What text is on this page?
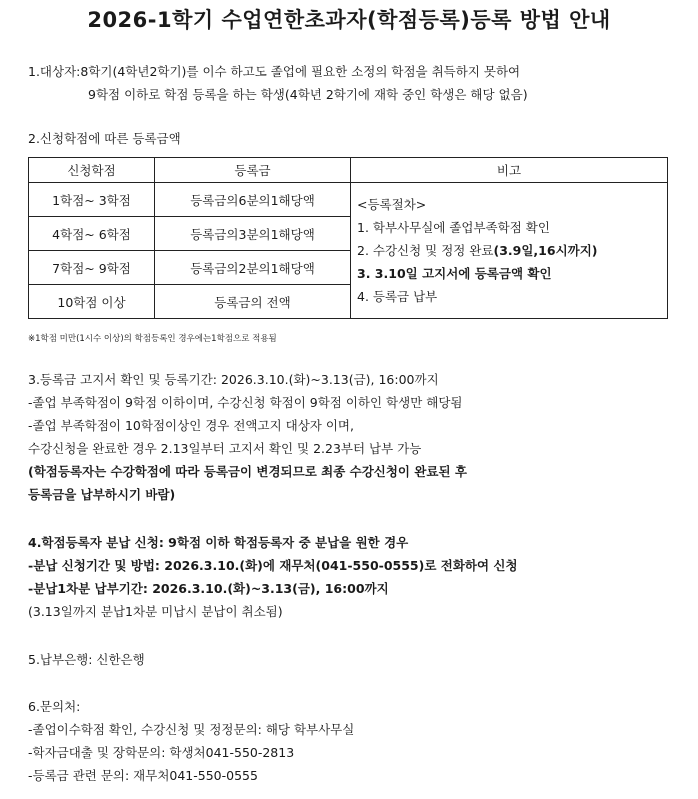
2026-1학기 수업연한초과자(학점등록)등록 방법 안내
1.대상자:8학기(4학년2학기)를 이수 하고도 졸업에 필요한 소정의 학점을 취득하지 못하여
9학점 이하로 학점 등록을 하는 학생(4학년 2학기에 재학 중인 학생은 해당 없음)
2.신청학점에 따른 등록금액
신청학점	등록금	비고
1학점~ 3학점	등록금의6분의1해당액	<등록절차>
1. 학부사무실에 졸업부족학점 확인
2. 수강신청 및 정정 완료(3.9일,16시까지)
3. 3.10일 고지서에 등록금액 확인
4. 등록금 납부

4학점~ 6학점	등록금의3분의1해당액	
7학점~ 9학점	등록금의2분의1해당액	
10학점 이상	등록금의 전액	
※1학점 미만(1시수 이상)의 학점등록인 경우에는1학점으로 적용됨
3.등록금 고지서 확인 및 등록기간: 2026.3.10.(화)~3.13(금), 16:00까지
-졸업 부족학점이 9학점 이하이며, 수강신청 학점이 9학점 이하인 학생만 해당됨
-졸업 부족학점이 10학점이상인 경우 전액고지 대상자 이며,
수강신청을 완료한 경우 2.13일부터 고지서 확인 및 2.23부터 납부 가능
(학점등록자는 수강학점에 따라 등록금이 변경되므로 최종 수강신청이 완료된 후
등록금을 납부하시기 바람)
4.학점등록자 분납 신청: 9학점 이하 학점등록자 중 분납을 원한 경우
-분납 신청기간 및 방법: 2026.3.10.(화)에 재무처(041-550-0555)로 전화하여 신청
-분납1차분 납부기간: 2026.3.10.(화)~3.13(금), 16:00까지
(3.13일까지 분납1차분 미납시 분납이 취소됨)
5.납부은행: 신한은행
6.문의처:
-졸업이수학점 확인, 수강신청 및 정정문의: 해당 학부사무실
-학자금대출 및 장학문의: 학생처041-550-2813
-등록금 관련 문의: 재무처041-550-0555
